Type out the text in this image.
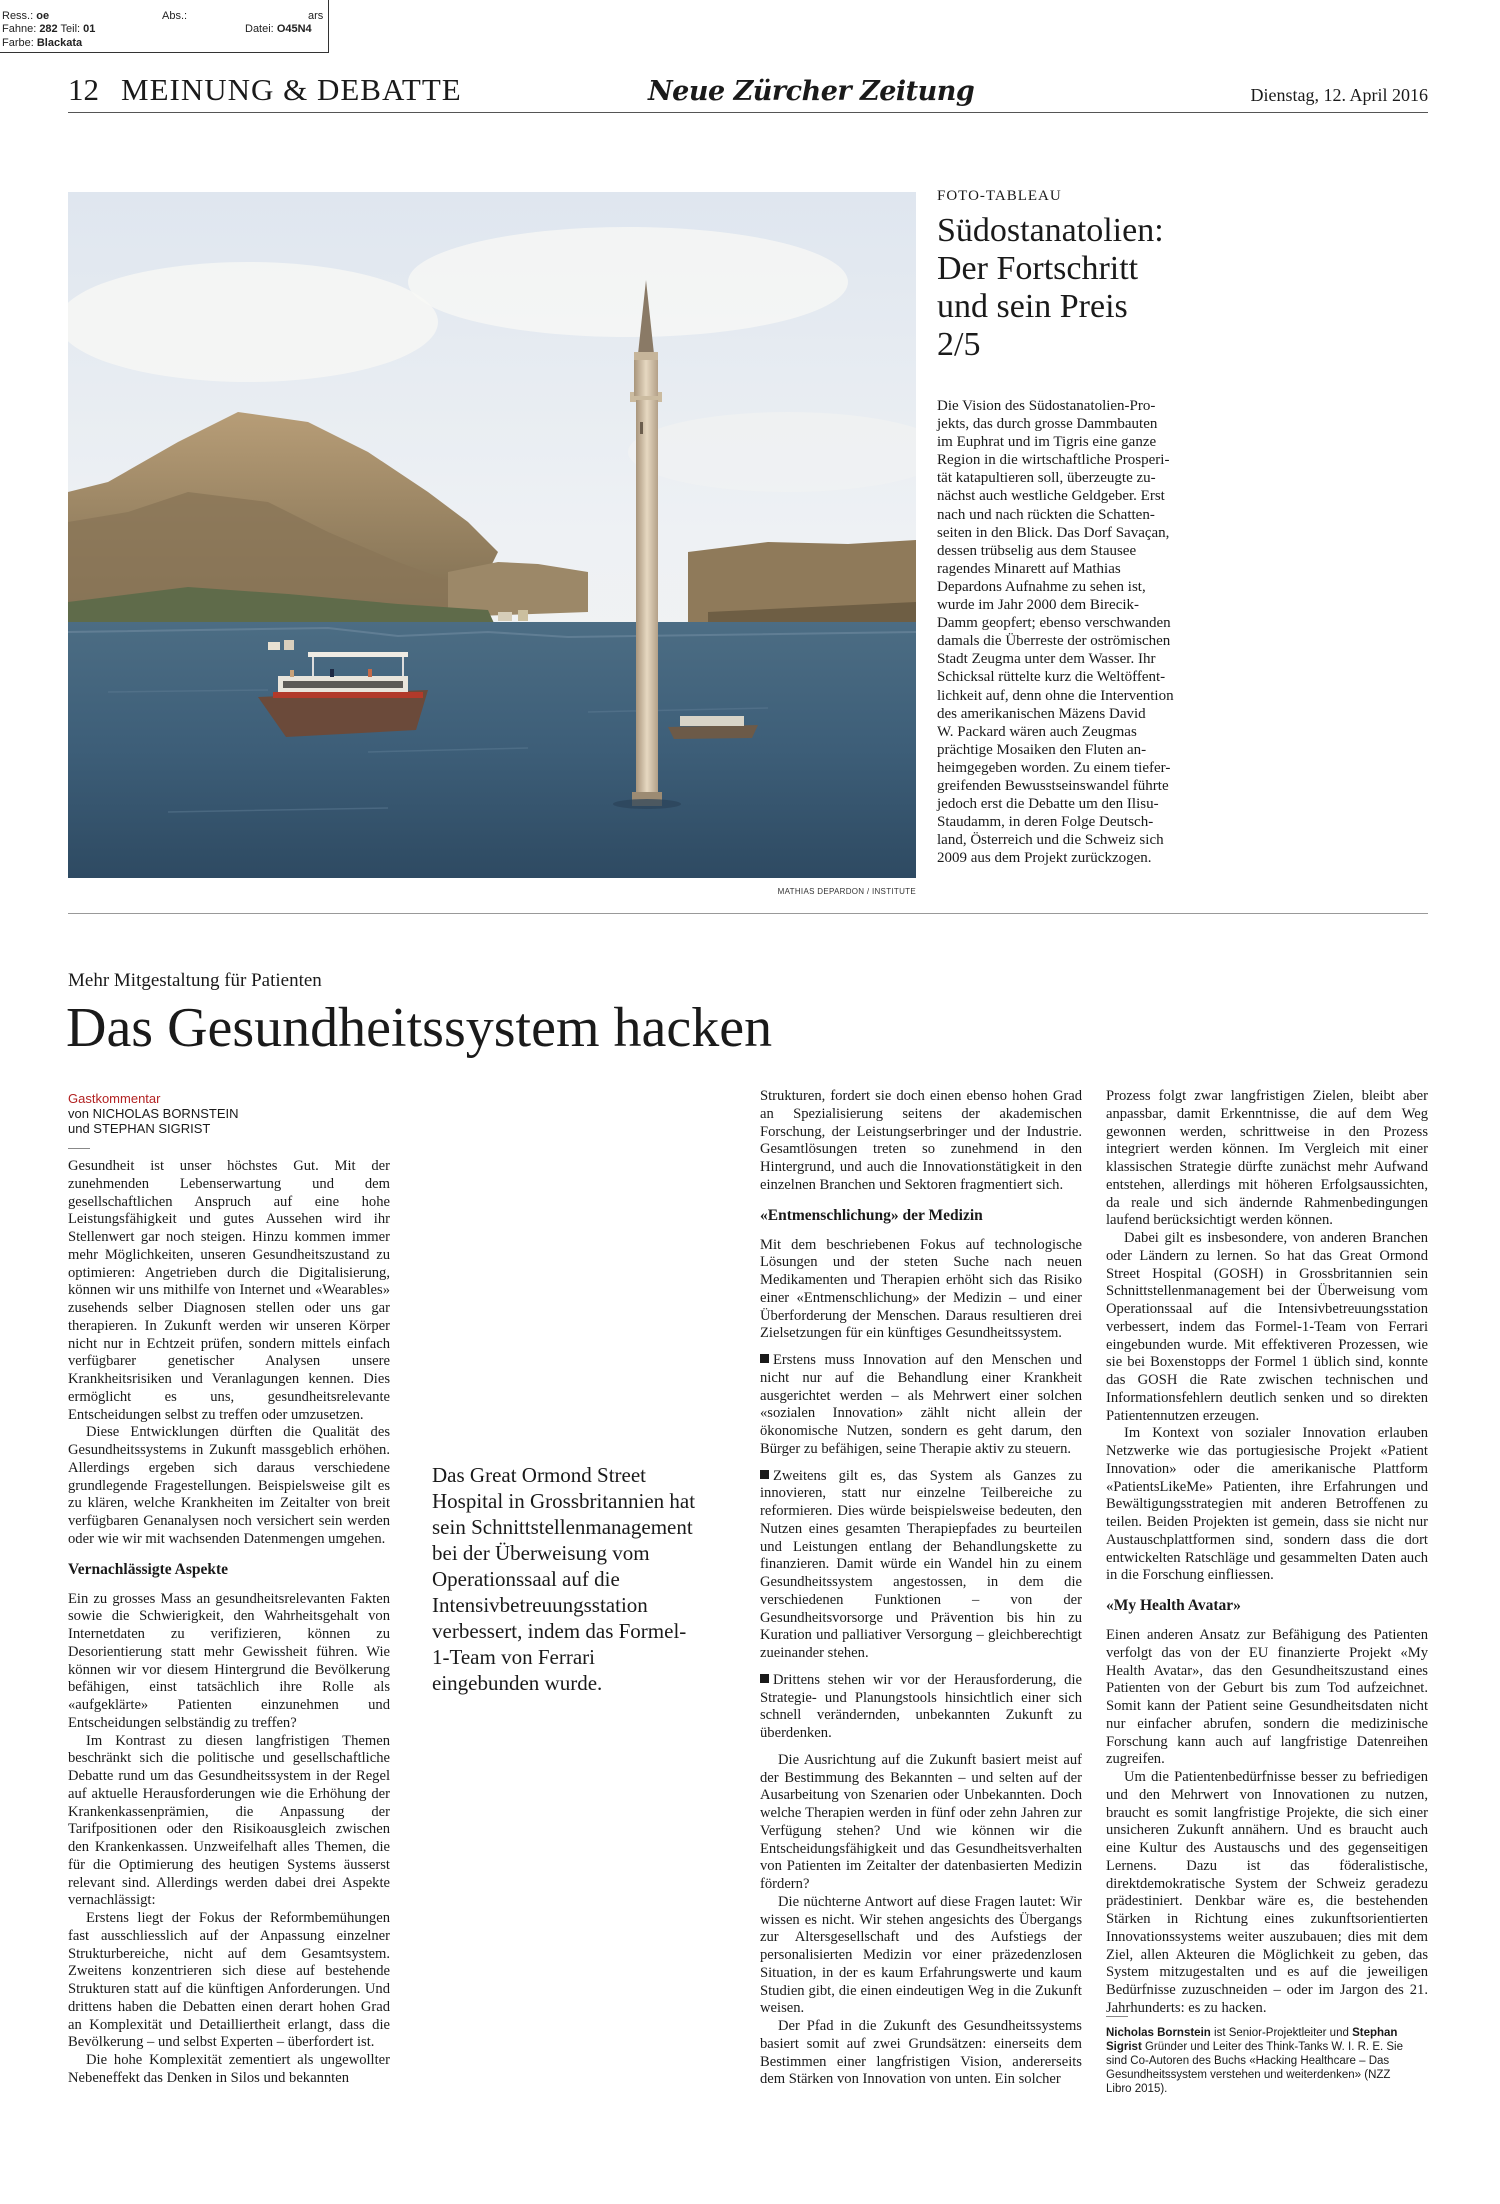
Ress.: oe	Abs.:	ars
Fahne: 282 Teil: 01	Datei: O45N4
Farbe: Blackata
12 MEINUNG & DEBATTE	Neue Zürcher Zeitung	Dienstag, 12. April 2016
MATHIAS DEPARDON / INSTITUTE
FOTO-TABLEAU
Südostanatolien:
Der Fortschritt
und sein Preis
2/5

Die Vision des Südostanatolien-Pro-

jekts, das durch grosse Dammbauten

im Euphrat und im Tigris eine ganze

Region in die wirtschaftliche Prosperi-

tät katapultieren soll, überzeugte zu-

nächst auch westliche Geldgeber. Erst

nach und nach rückten die Schatten-

seiten in den Blick. Das Dorf Savaçan,

dessen trübselig aus dem Stausee

ragendes Minarett auf Mathias

Depardons Aufnahme zu sehen ist,

wurde im Jahr 2000 dem Birecik-

Damm geopfert; ebenso verschwanden

damals die Überreste der oströmischen

Stadt Zeugma unter dem Wasser. Ihr

Schicksal rüttelte kurz die Weltöffent-

lichkeit auf, denn ohne die Intervention

des amerikanischen Mäzens David

W. Packard wären auch Zeugmas

prächtige Mosaiken den Fluten an-

heimgegeben worden. Zu einem tiefer-

greifenden Bewusstseinswandel führte

jedoch erst die Debatte um den Ilisu-

Staudamm, in deren Folge Deutsch-

land, Österreich und die Schweiz sich

2009 aus dem Projekt zurückzogen.

Mehr Mitgestaltung für Patienten
Das Gesundheitssystem hacken
Gastkommentar
von NICHOLAS BORNSTEIN
und STEPHAN SIGRIST

Gesundheit ist unser höchstes Gut. Mit der zunehmenden Lebenserwartung und dem gesellschaftlichen Anspruch auf eine hohe Leistungsfähigkeit und gutes Aussehen wird ihr Stellenwert gar noch steigen. Hinzu kommen immer mehr Möglichkeiten, unseren Gesundheitszustand zu optimieren: Angetrieben durch die Digitalisierung, können wir uns mithilfe von Internet und «Wearables» zusehends selber Diagnosen stellen oder uns gar therapieren. In Zukunft werden wir unseren Körper nicht nur in Echtzeit prüfen, sondern mittels einfach verfügbarer genetischer Analysen unsere Krankheitsrisiken und Veranlagungen kennen. Dies ermöglicht es uns, gesundheitsrelevante Entscheidungen selbst zu treffen oder umzusetzen.

Diese Entwicklungen dürften die Qualität des Gesundheitssystems in Zukunft massgeblich erhöhen. Allerdings ergeben sich daraus verschiedene grundlegende Fragestellungen. Beispielsweise gilt es zu klären, welche Krankheiten im Zeitalter von breit verfügbaren Genanalysen noch versichert sein werden oder wie wir mit wachsenden Datenmengen umgehen.

Vernachlässigte Aspekte

Ein zu grosses Mass an gesundheitsrelevanten Fakten sowie die Schwierigkeit, den Wahrheitsgehalt von Internetdaten zu verifizieren, können zu Desorientierung statt mehr Gewissheit führen. Wie können wir vor diesem Hintergrund die Bevölkerung befähigen, einst tatsächlich ihre Rolle als «aufgeklärte» Patienten einzunehmen und Entscheidungen selbständig zu treffen?

Im Kontrast zu diesen langfristigen Themen beschränkt sich die politische und gesellschaftliche Debatte rund um das Gesundheitssystem in der Regel auf aktuelle Herausforderungen wie die Erhöhung der Krankenkassenprämien, die Anpassung der Tarifpositionen oder den Risikoausgleich zwischen den Krankenkassen. Unzweifelhaft alles Themen, die für die Optimierung des heutigen Systems äusserst relevant sind. Allerdings werden dabei drei Aspekte vernachlässigt:

Erstens liegt der Fokus der Reformbemühungen fast ausschliesslich auf der Anpassung einzelner Strukturbereiche, nicht auf dem Gesamtsystem. Zweitens konzentrieren sich diese auf bestehende Strukturen statt auf die künftigen Anforderungen. Und drittens haben die Debatten einen derart hohen Grad an Komplexität und Detailliertheit erlangt, dass die Bevölkerung – und selbst Experten – überfordert ist.

Die hohe Komplexität zementiert als ungewollter Nebeneffekt das Denken in Silos und bekannten

Das Great Ormond Street Hospital in Grossbritannien hat sein Schnittstellenmanagement bei der Überweisung vom Operationssaal auf die Intensivbetreuungsstation verbessert, indem das Formel-1-Team von Ferrari eingebunden wurde.

Strukturen, fordert sie doch einen ebenso hohen Grad an Spezialisierung seitens der akademischen Forschung, der Leistungserbringer und der Industrie. Gesamtlösungen treten so zunehmend in den Hintergrund, und auch die Innovationstätigkeit in den einzelnen Branchen und Sektoren fragmentiert sich.

«Entmenschlichung» der Medizin

Mit dem beschriebenen Fokus auf technologische Lösungen und der steten Suche nach neuen Medikamenten und Therapien erhöht sich das Risiko einer «Entmenschlichung» der Medizin – und einer Überforderung der Menschen. Daraus resultieren drei Zielsetzungen für ein künftiges Gesundheitssystem.

Erstens muss Innovation auf den Menschen und nicht nur auf die Behandlung einer Krankheit ausgerichtet werden – als Mehrwert einer solchen «sozialen Innovation» zählt nicht allein der ökonomische Nutzen, sondern es geht darum, den Bürger zu befähigen, seine Therapie aktiv zu steuern.

Zweitens gilt es, das System als Ganzes zu innovieren, statt nur einzelne Teilbereiche zu reformieren. Dies würde beispielsweise bedeuten, den Nutzen eines gesamten Therapiepfades zu beurteilen und Leistungen entlang der Behandlungskette zu finanzieren. Damit würde ein Wandel hin zu einem Gesundheitssystem angestossen, in dem die verschiedenen Funktionen – von der Gesundheitsvorsorge und Prävention bis hin zu Kuration und palliativer Versorgung – gleichberechtigt zueinander stehen.

Drittens stehen wir vor der Herausforderung, die Strategie- und Planungstools hinsichtlich einer sich schnell verändernden, unbekannten Zukunft zu überdenken.

Die Ausrichtung auf die Zukunft basiert meist auf der Bestimmung des Bekannten – und selten auf der Ausarbeitung von Szenarien oder Unbekannten. Doch welche Therapien werden in fünf oder zehn Jahren zur Verfügung stehen? Und wie können wir die Entscheidungsfähigkeit und das Gesundheitsverhalten von Patienten im Zeitalter der datenbasierten Medizin fördern?

Die nüchterne Antwort auf diese Fragen lautet: Wir wissen es nicht. Wir stehen angesichts des Übergangs zur Altersgesellschaft und des Aufstiegs der personalisierten Medizin vor einer präzedenzlosen Situation, in der es kaum Erfahrungswerte und kaum Studien gibt, die einen eindeutigen Weg in die Zukunft weisen.

Der Pfad in die Zukunft des Gesundheitssystems basiert somit auf zwei Grundsätzen: einerseits dem Bestimmen einer langfristigen Vision, andererseits dem Stärken von Innovation von unten. Ein solcher

Prozess folgt zwar langfristigen Zielen, bleibt aber anpassbar, damit Erkenntnisse, die auf dem Weg gewonnen werden, schrittweise in den Prozess integriert werden können. Im Vergleich mit einer klassischen Strategie dürfte zunächst mehr Aufwand entstehen, allerdings mit höheren Erfolgsaussichten, da reale und sich ändernde Rahmenbedingungen laufend berücksichtigt werden können.

Dabei gilt es insbesondere, von anderen Branchen oder Ländern zu lernen. So hat das Great Ormond Street Hospital (GOSH) in Grossbritannien sein Schnittstellenmanagement bei der Überweisung vom Operationssaal auf die Intensivbetreuungsstation verbessert, indem das Formel-1-Team von Ferrari eingebunden wurde. Mit effektiveren Prozessen, wie sie bei Boxenstopps der Formel 1 üblich sind, konnte das GOSH die Rate zwischen technischen und Informationsfehlern deutlich senken und so direkten Patientennutzen erzeugen.

Im Kontext von sozialer Innovation erlauben Netzwerke wie das portugiesische Projekt «Patient Innovation» oder die amerikanische Plattform «PatientsLikeMe» Patienten, ihre Erfahrungen und Bewältigungsstrategien mit anderen Betroffenen zu teilen. Beiden Projekten ist gemein, dass sie nicht nur Austauschplattformen sind, sondern dass die dort entwickelten Ratschläge und gesammelten Daten auch in die Forschung einfliessen.

«My Health Avatar»

Einen anderen Ansatz zur Befähigung des Patienten verfolgt das von der EU finanzierte Projekt «My Health Avatar», das den Gesundheitszustand eines Patienten von der Geburt bis zum Tod aufzeichnet. Somit kann der Patient seine Gesundheitsdaten nicht nur einfacher abrufen, sondern die medizinische Forschung kann auch auf langfristige Datenreihen zugreifen.

Um die Patientenbedürfnisse besser zu befriedigen und den Mehrwert von Innovationen zu nutzen, braucht es somit langfristige Projekte, die sich einer unsicheren Zukunft annähern. Und es braucht auch eine Kultur des Austauschs und des gegenseitigen Lernens. Dazu ist das föderalistische, direktdemokratische System der Schweiz geradezu prädestiniert. Denkbar wäre es, die bestehenden Stärken in Richtung eines zukunftsorientierten Innovationssystems weiter auszubauen; dies mit dem Ziel, allen Akteuren die Möglichkeit zu geben, das System mitzugestalten und es auf die jeweiligen Bedürfnisse zuzuschneiden – oder im Jargon des 21. Jahrhunderts: es zu hacken.

Nicholas Bornstein ist Senior-Projektleiter und Stephan Sigrist Gründer und Leiter des Think-Tanks W. I. R. E. Sie sind Co-Autoren des Buchs «Hacking Healthcare – Das Gesundheitssystem verstehen und weiterdenken» (NZZ Libro 2015).
